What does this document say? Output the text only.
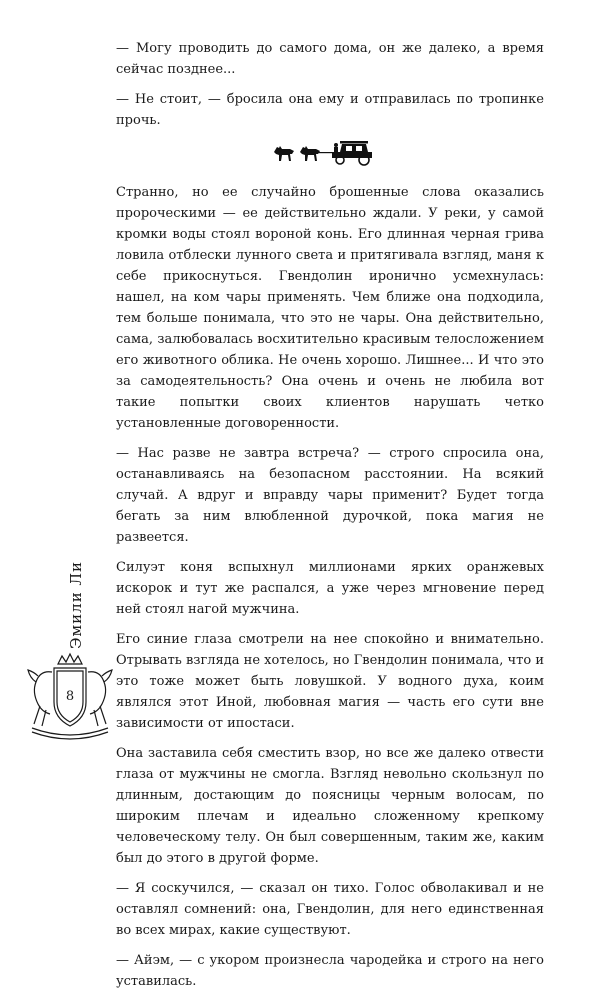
— Могу проводить до самого дома, он же далеко, а время сейчас позднее...

— Не стоит, — бросила она ему и отправилась по тропинке прочь.

Странно, но ее случайно брошенные слова оказались пророческими — ее действительно ждали. У реки, у самой кромки воды стоял вороной конь. Его длинная черная грива ловила отблески лунного света и притягивала взгляд, маня к себе прикоснуться. Гвендолин иронично усмехнулась: нашел, на ком чары применять. Чем ближе она подходила, тем больше понимала, что это не чары. Она действительно, сама, залюбовалась восхитительно красивым телосложением его животного облика. Не очень хорошо. Лишнее... И что это за самодеятельность? Она очень и очень не любила вот такие попытки своих клиентов нарушать четко установленные договоренности.

— Нас разве не завтра встреча? — строго спросила она, останавливаясь на безопасном расстоянии. На всякий случай. А вдруг и вправду чары применит? Будет тогда бегать за ним влюбленной дурочкой, пока магия не развеется.

Силуэт коня вспыхнул миллионами ярких оранжевых искорок и тут же распался, а уже через мгновение перед ней стоял нагой мужчина.

Его синие глаза смотрели на нее спокойно и внимательно. Отрывать взгляда не хотелось, но Гвендолин понимала, что и это тоже может быть ловушкой. У водного духа, коим являлся этот Иной, любовная магия — часть его сути вне зависимости от ипостаси.

Она заставила себя сместить взор, но все же далеко отвести глаза от мужчины не смогла. Взгляд невольно скользнул по длинным, достающим до поясницы черным волосам, по широким плечам и идеально сложенному крепкому человеческому телу. Он был совершенным, таким же, каким был до этого в другой форме.

— Я соскучился, — сказал он тихо. Голос обволакивал и не оставлял сомнений: она, Гвендолин, для него единственная во всех мирах, какие существуют.

— Айэм, — с укором произнесла чародейка и строго на него уставилась.

Эмили Ли
8
